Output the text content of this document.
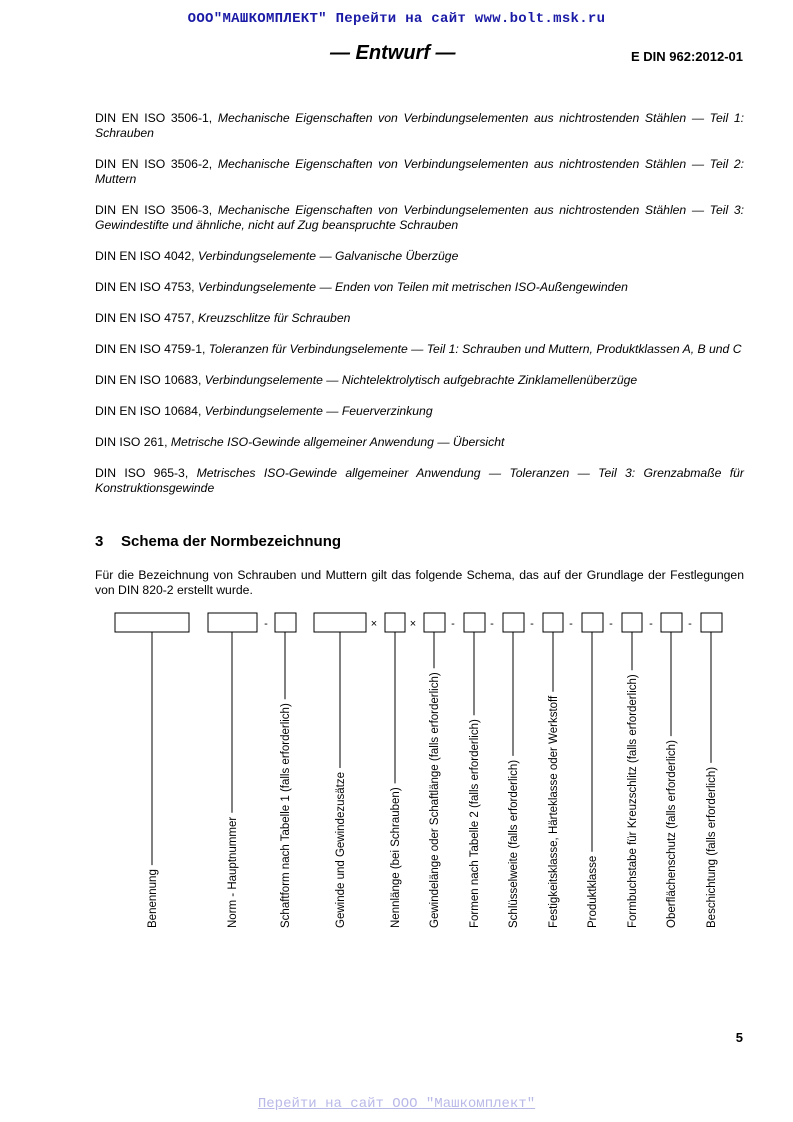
ООО"МАШКОМПЛЕКТ" Перейти на сайт www.bolt.msk.ru
— Entwurf —	E DIN 962:2012-01

DIN EN ISO 3506-1, Mechanische Eigenschaften von Verbindungselementen aus nichtrostenden Stählen — Teil 1: Schrauben

DIN EN ISO 3506-2, Mechanische Eigenschaften von Verbindungselementen aus nichtrostenden Stählen — Teil 2: Muttern

DIN EN ISO 3506-3, Mechanische Eigenschaften von Verbindungselementen aus nichtrostenden Stählen — Teil 3: Gewindestifte und ähnliche, nicht auf Zug beanspruchte Schrauben

DIN EN ISO 4042, Verbindungselemente — Galvanische Überzüge

DIN EN ISO 4753, Verbindungselemente — Enden von Teilen mit metrischen ISO-Außengewinden

DIN EN ISO 4757, Kreuzschlitze für Schrauben

DIN EN ISO 4759-1, Toleranzen für Verbindungselemente — Teil 1: Schrauben und Muttern, Produktklassen A, B und C

DIN EN ISO 10683, Verbindungselemente — Nichtelektrolytisch aufgebrachte Zinklamellenüberzüge

DIN EN ISO 10684, Verbindungselemente — Feuerverzinkung

DIN ISO 261, Metrische ISO-Gewinde allgemeiner Anwendung — Übersicht

DIN ISO 965-3, Metrisches ISO-Gewinde allgemeiner Anwendung — Toleranzen — Teil 3: Grenzabmaße für Konstruktionsgewinde

3 Schema der Normbezeichnung

Für die Bezeichnung von Schrauben und Muttern gilt das folgende Schema, das auf der Grundlage der Festlegungen von DIN 820-2 erstellt wurde.

-	×	×	-	-	-	-	-	-	-
Benennung	Norm - Hauptnummer	Schaftform nach Tabelle 1 (falls erforderlich)	Gewinde und Gewindezusätze	Nennlänge (bei Schrauben) Gewindelänge oder Schaftlänge (falls erforderlich) Formen nach Tabelle 2 (falls erforderlich) Schlüsselweite (falls erforderlich) Festigkeitsklasse, Härteklasse oder Werkstoff Produktklasse Formbuchstabe für Kreuzschlitz (falls erforderlich) Oberflächenschutz (falls erforderlich) Beschichtung (falls erforderlich)
5
Перейти на сайт ООО "Машкомплект"
